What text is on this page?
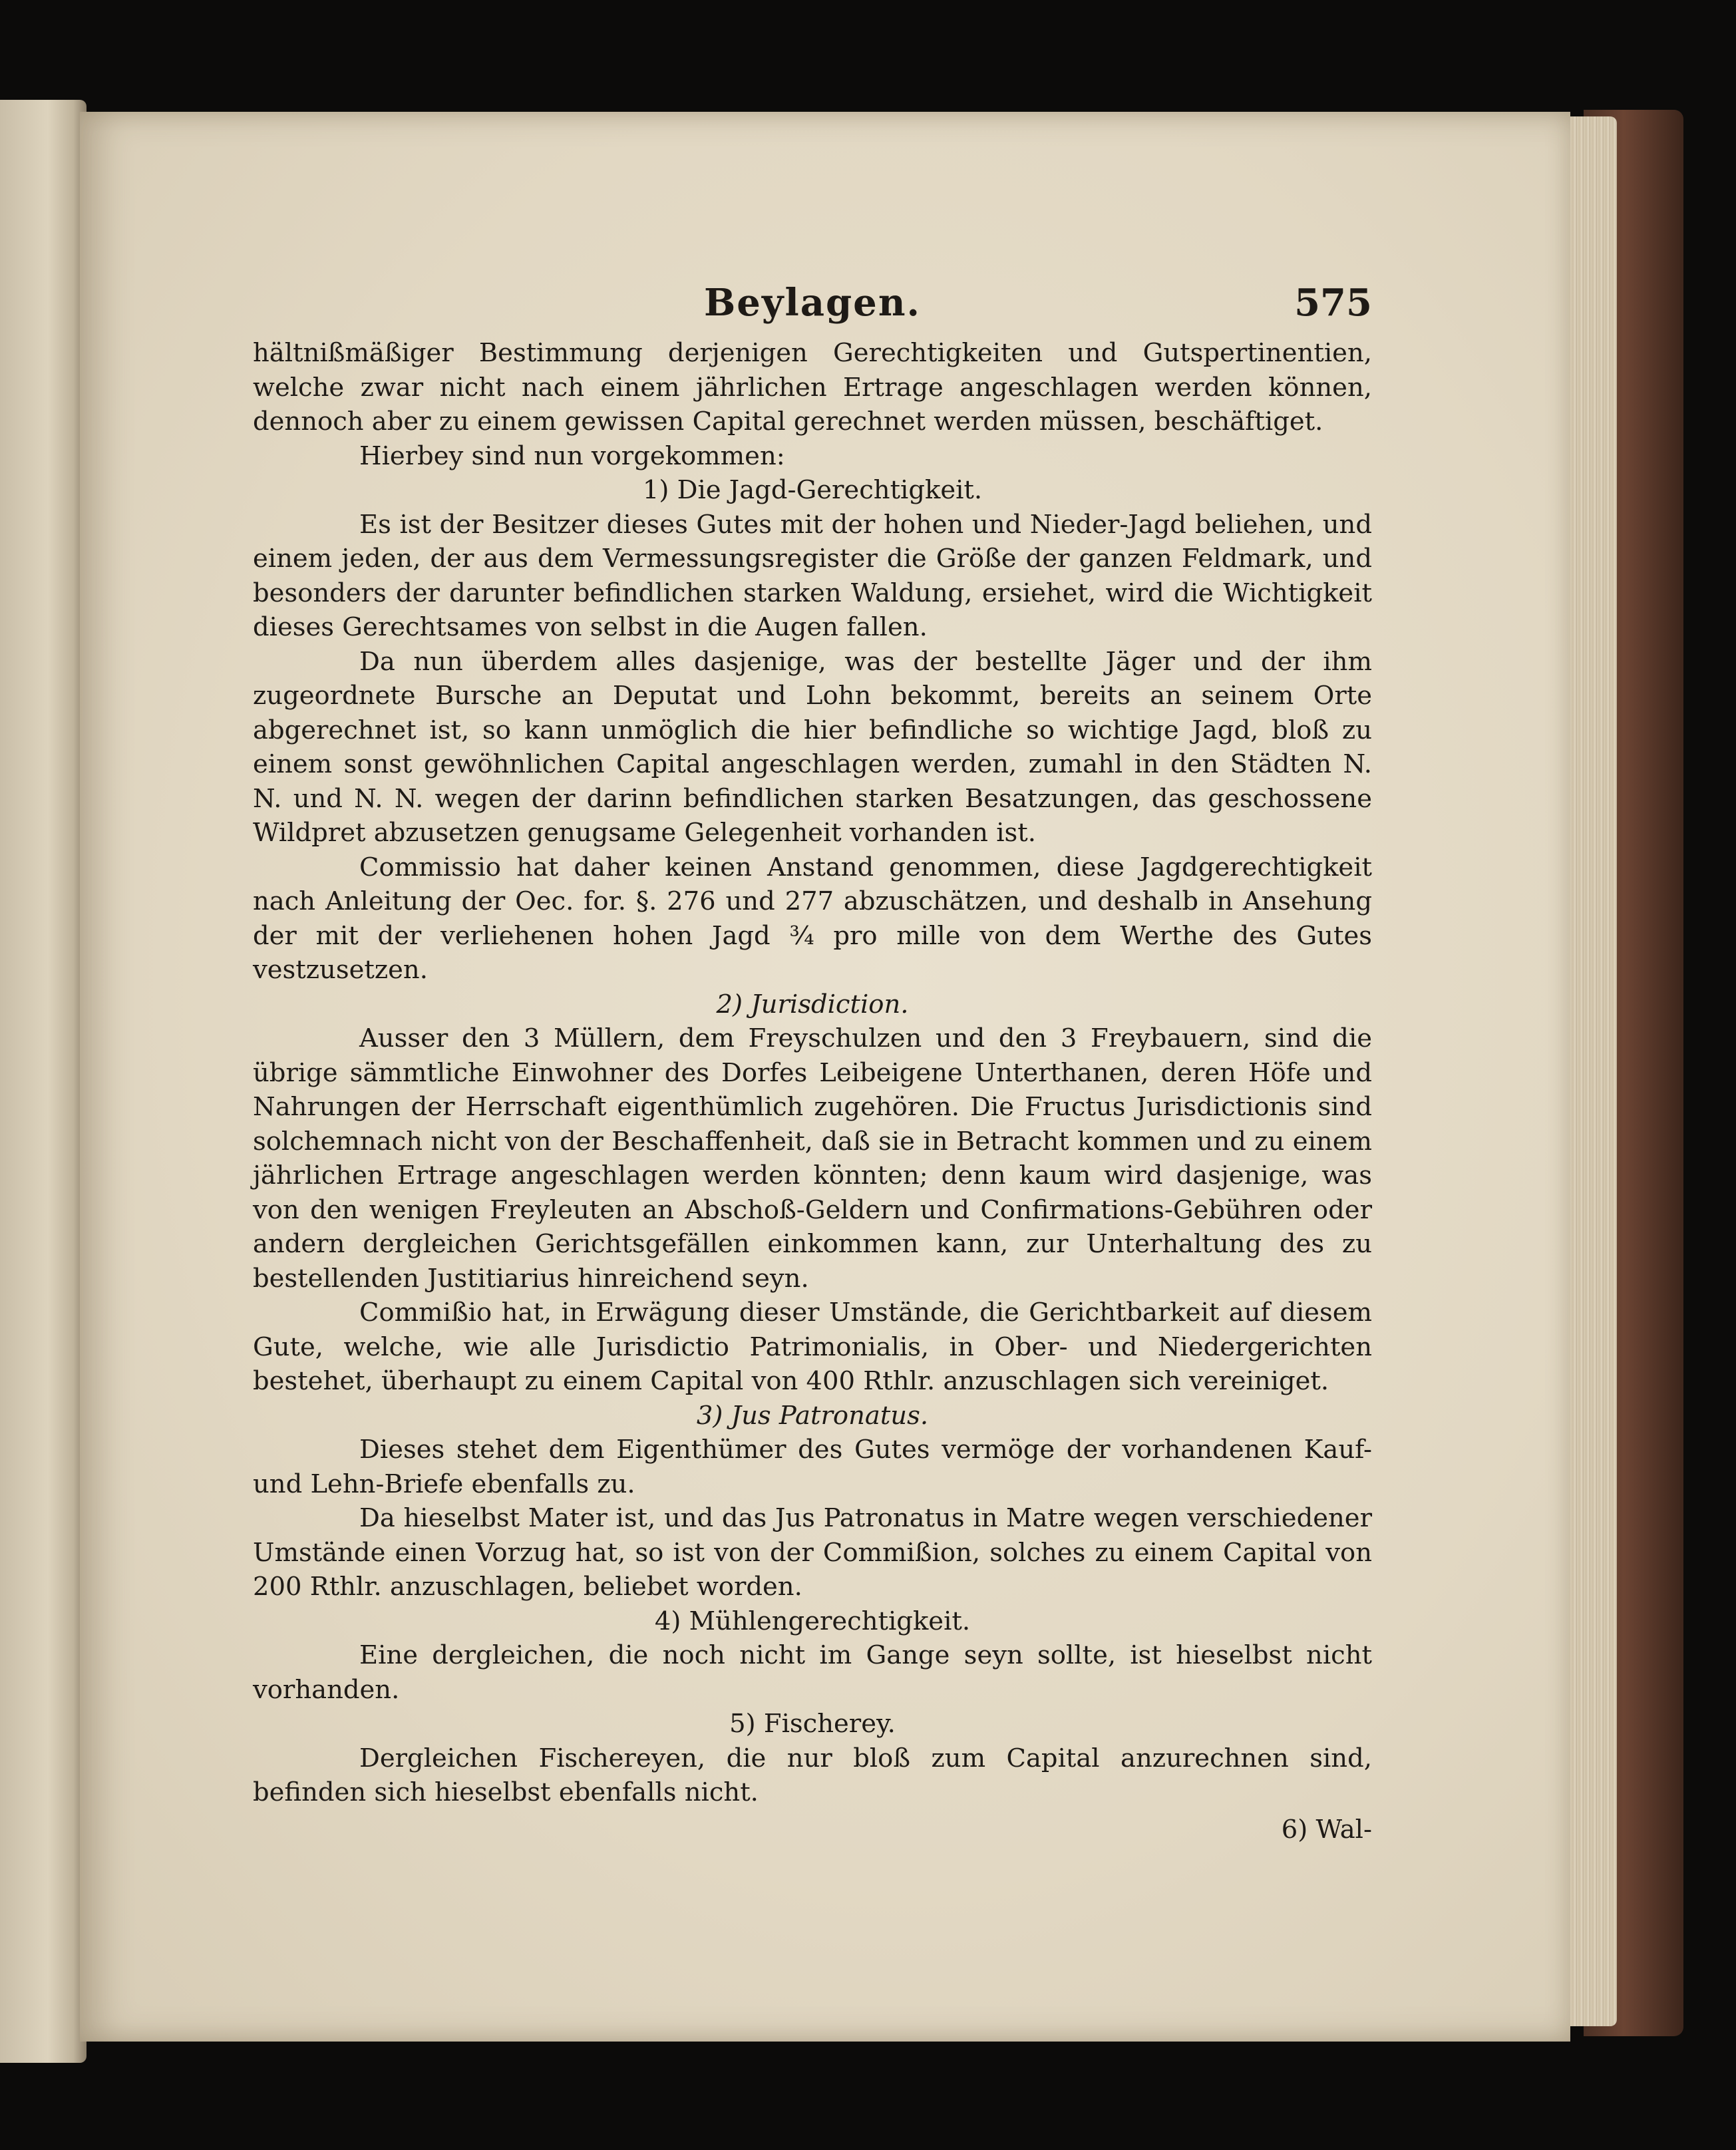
Beylagen.	575

hältnißmäßiger Bestimmung derjenigen Gerechtigkeiten und Gutspertinentien, welche zwar nicht nach einem jährlichen Ertrage angeschlagen werden können, dennoch aber zu einem gewissen Capital gerechnet werden müssen, beschäftiget.

Hierbey sind nun vorgekommen:

1) Die Jagd-Gerechtigkeit.

Es ist der Besitzer dieses Gutes mit der hohen und Nieder-Jagd beliehen, und einem jeden, der aus dem Vermessungsregister die Größe der ganzen Feldmark, und besonders der darunter befindlichen starken Waldung, ersiehet, wird die Wichtigkeit dieses Gerechtsames von selbst in die Augen fallen.

Da nun überdem alles dasjenige, was der bestellte Jäger und der ihm zugeordnete Bursche an Deputat und Lohn bekommt, bereits an seinem Orte abgerechnet ist, so kann unmöglich die hier befindliche so wichtige Jagd, bloß zu einem sonst gewöhnlichen Capital angeschlagen werden, zumahl in den Städten N. N. und N. N. wegen der darinn befindlichen starken Besatzungen, das geschossene Wildpret abzusetzen genugsame Gelegenheit vorhanden ist.

Commissio hat daher keinen Anstand genommen, diese Jagdgerechtigkeit nach Anleitung der Oec. for. §. 276 und 277 abzuschätzen, und deshalb in Ansehung der mit der verliehenen hohen Jagd ¾ pro mille von dem Werthe des Gutes vestzusetzen.

2) Jurisdiction.

Ausser den 3 Müllern, dem Freyschulzen und den 3 Freybauern, sind die übrige sämmtliche Einwohner des Dorfes Leibeigene Unterthanen, deren Höfe und Nahrungen der Herrschaft eigenthümlich zugehören. Die Fructus Jurisdictionis sind solchemnach nicht von der Beschaffenheit, daß sie in Betracht kommen und zu einem jährlichen Ertrage angeschlagen werden könnten; denn kaum wird dasjenige, was von den wenigen Freyleuten an Abschoß-Geldern und Confirmations-Gebühren oder andern dergleichen Gerichtsgefällen einkommen kann, zur Unterhaltung des zu bestellenden Justitiarius hinreichend seyn.

Commißio hat, in Erwägung dieser Umstände, die Gerichtbarkeit auf diesem Gute, welche, wie alle Jurisdictio Patrimonialis, in Ober- und Niedergerichten bestehet, überhaupt zu einem Capital von 400 Rthlr. anzuschlagen sich vereiniget.

3) Jus Patronatus.

Dieses stehet dem Eigenthümer des Gutes vermöge der vorhandenen Kauf- und Lehn-Briefe ebenfalls zu.

Da hieselbst Mater ist, und das Jus Patronatus in Matre wegen verschiedener Umstände einen Vorzug hat, so ist von der Commißion, solches zu einem Capital von 200 Rthlr. anzuschlagen, beliebet worden.

4) Mühlengerechtigkeit.

Eine dergleichen, die noch nicht im Gange seyn sollte, ist hieselbst nicht vorhanden.

5) Fischerey.

Dergleichen Fischereyen, die nur bloß zum Capital anzurechnen sind, befinden sich hieselbst ebenfalls nicht.

6) Wal-
